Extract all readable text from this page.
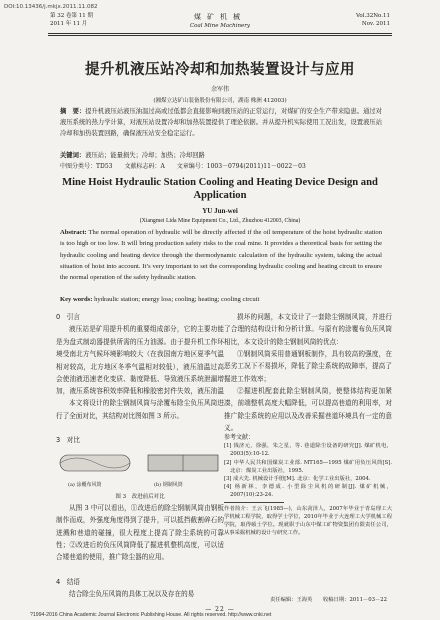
DOI:10.13436/j.mkjx.2011.11.082
第 32 卷第 11 期
2011 年 11 月
煤矿机械
Coal Mine Machinery
Vol.32No.11
Nov. 2011
提升机液压站冷却和加热装置设计与应用
余军伟
(湘煤立达矿山装备股份有限公司，湖南 株洲 412003)
摘　要：提升机液压站液压油温过高或过低都会直接影响到液压站的正常运行，对煤矿的安全生产带来隐患。通过对液压系统的热力学计算，对液压站设置冷却和加热装置提供了理论依据。并从提升机实际使用工况出发，设置液压站冷却和加热装置回路，确保液压站安全稳定运行。
关键词：液压站；能量损失；冷却；加热；冷却回路
中图分类号：TD53　　文献标志码：A　　文章编号：1003－0794(2011)11－0022－03
Mine Hoist Hydraulic Station Cooling and Heating Device Design and Application
YU Jun-wei
(Xiangmei Lida Mine Equipment Co., Ltd., Zhuzhou 412003, China)
Abstract: The normal operation of hydraulic will be directly affected if the oil temperature of the hoist hydraulic station is too high or too low. It will bring production safety risks to the coal mine. It provides a theoretical basis for setting the hydraulic cooling and heating device through the thermodynamic calculation of the hydraulic system, taking the actual situation of hoist into account. It’s very important to set the corresponding hydraulic cooling and heating circuit to ensure the normal operation of the safety hydraulic station.
Key words: hydraulic station; energy loss; cooling; heating; cooling circuit
0　引言

液压站是矿用提升机的重要组成部分，它的主要功能是为盘式制动器提供所需的压力油源。由于提升机工作环境受南北方气候环境影响较大（在我国南方地区夏季气温相对较高，北方地区冬季气温相对较低），液压油温过高会使油液迅速老化变质、黏度降低、导致液压系统泄漏增加，液压系统容积效率降低和橡胶密封件失效，液压油温

本文将设计的除尘钢制风筒与涂覆布除尘负压风筒进行了全面对比，其结构对比图如图 3 所示。

3　对比
(a) 涂覆布风筒	(b) 钢制风筒
图 3　改进前后对比

从图 3 中可以看出，①改进后的除尘钢制风筒由钢板制作而成，外强度角度得到了提升，可以抵挡截割碎石的迸溅和巷道的碰撞，很大程度上提高了除尘系统的可靠性；②改进后的负压风筒降低了掘进机整机高度，可以适合矮巷道的使用，推广除尘器的应用。

4　结语

结合除尘负压风筒的具体工况以及存在的易

损坏的问题，本文设计了一套除尘钢制风筒，并进行了合理的结构设计和分析计算。与原有的涂覆布负压风筒相比，本文设计的除尘钢制风筒的优点：

①钢制风筒采用普通钢板制作，具有较高的强度，在恶劣工况下不易损坏，降低了除尘系统的故障率，提高了掘进工作效率；

②掘进机配套此除尘钢制风筒，使整体结构更加紧凑，前端整机高度大幅降低，可以提高巷道的利用率，对推广除尘系统的应用以及改善采掘巷道环境具有一定的意义。

参考文献：
[1] 钱济元，徐强，朱之星，等. 巷道除尘设备的研究[J]. 煤矿机电，2003(5):10-12.
[2] 中华人民共和国煤炭工业部. MT165—1995 煤矿用负压风筒[S]. 北京：煤炭工业出版社，1995.
[3] 成大先. 机械设计手册[M]. 北京：化学工业出版社，2004.
[4] 杨新林，李德成. 小型除尘风机的研制[J]. 煤矿机械，2007(10):23-24.
作者简介：王云飞(1985—)，山东菏泽人，2007年毕业于青岛理工大学机械工程学院，取得学士学位，2010年毕业于大连理工大学机械工程学院，取得硕士学位。现就职于山东中煤工矿物资集团有限责任公司，从事采掘机械的设计与研究工作。
责任编辑：王海英　　收稿日期：2011－03－22
— 22 —
?1994-2016 China Academic Journal Electronic Publishing House. All rights reserved. http://www.cnki.net
